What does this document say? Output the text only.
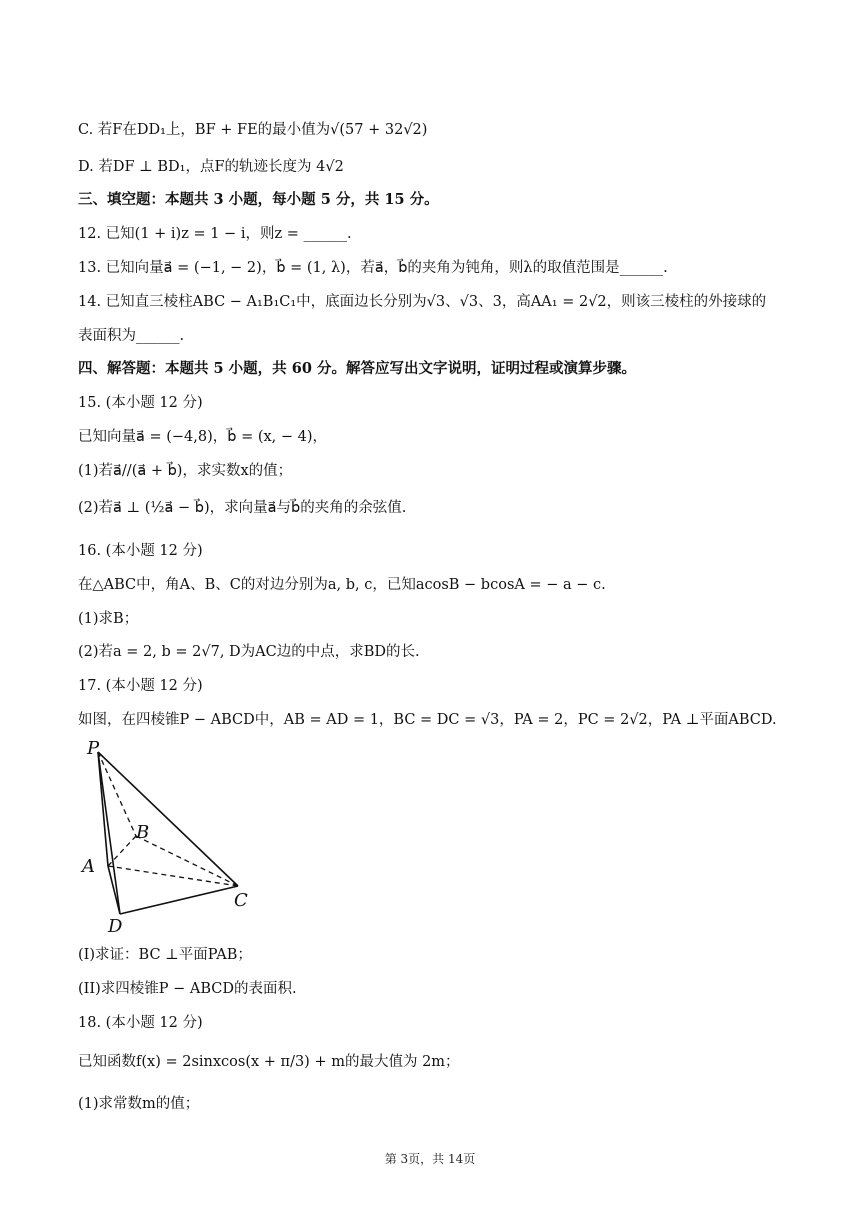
C. 若F在DD₁上，BF + FE的最小值为√(57 + 32√2)
D. 若DF ⊥ BD₁，点F的轨迹长度为 4√2
三、填空题：本题共 3 小题，每小题 5 分，共 15 分。
12. 已知(1 + i)z = 1 − i，则z = ______.
13. 已知向量a⃗ = (−1, − 2)，b⃗ = (1, λ)，若a⃗，b⃗的夹角为钝角，则λ的取值范围是______.
14. 已知直三棱柱ABC − A₁B₁C₁中，底面边长分别为√3、√3、3，高AA₁ = 2√2，则该三棱柱的外接球的
表面积为______.
四、解答题：本题共 5 小题，共 60 分。解答应写出文字说明，证明过程或演算步骤。
15. (本小题 12 分)
已知向量a⃗ = (−4,8)，b⃗ = (x, − 4)，
(1)若a⃗//(a⃗ + b⃗)，求实数x的值；
(2)若a⃗ ⊥ (½a⃗ − b⃗)，求向量a⃗与b⃗的夹角的余弦值.
16. (本小题 12 分)
在△ABC中，角A、B、C的对边分别为a, b, c，已知acosB − bcosA = − a − c.
(1)求B；
(2)若a = 2, b = 2√7, D为AC边的中点，求BD的长.
17. (本小题 12 分)
如图，在四棱锥P − ABCD中，AB = AD = 1，BC = DC = √3，PA = 2，PC = 2√2，PA ⊥平面ABCD.
P
B
A
C
D
(I)求证：BC ⊥平面PAB；
(II)求四棱锥P − ABCD的表面积.
18. (本小题 12 分)
已知函数f(x) = 2sinxcos(x + π/3) + m的最大值为 2m；
(1)求常数m的值；
第 3页，共 14页
